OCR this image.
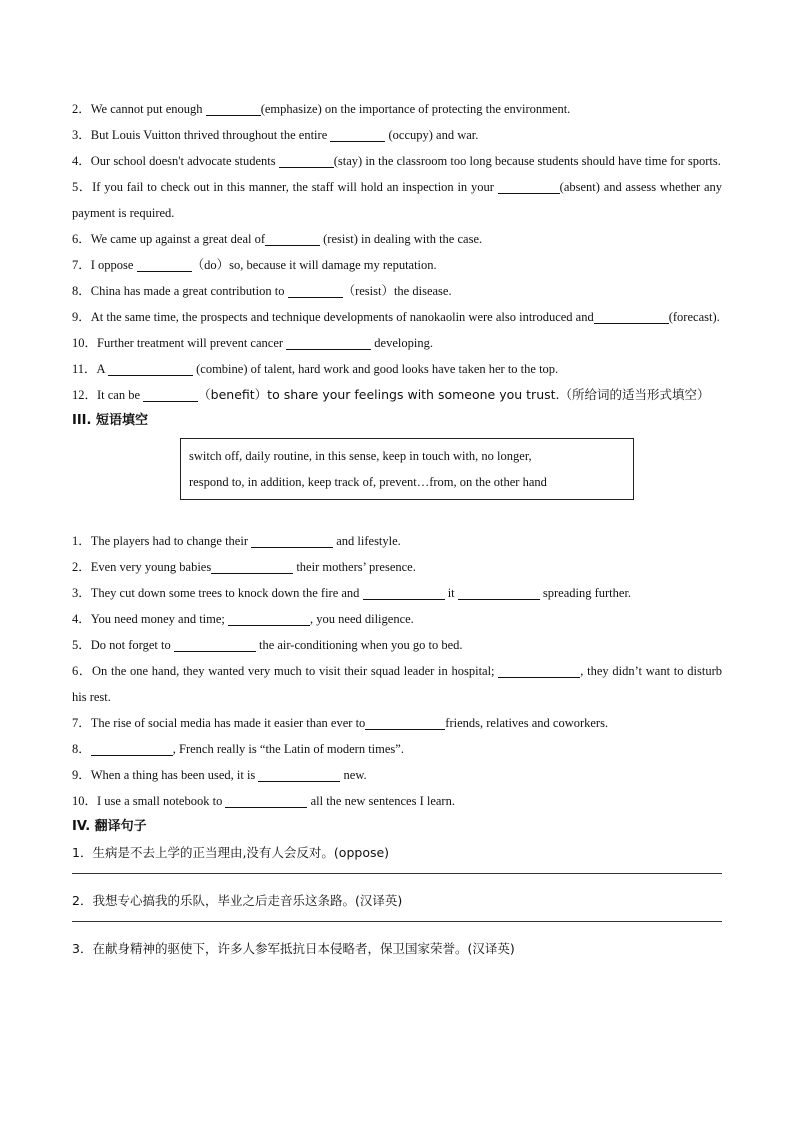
2．We cannot put enough	(emphasize) on the importance of protecting the environment.
3．But Louis Vuitton thrived throughout the entire	(occupy) and war.
4．Our school doesn't advocate students	(stay) in the classroom too long because students should have time for sports.
5．If you fail to check out in this manner, the staff will hold an inspection in your	(absent) and assess whether any payment is required.
6．We came up against a great deal of	(resist) in dealing with the case.
7．I oppose	（do）so, because it will damage my reputation.
8．China has made a great contribution to	（resist）the disease.
9．At the same time, the prospects and technique developments of nanokaolin were also introduced and	(forecast).
10．Further treatment will prevent cancer	developing.
11．A	(combine) of talent, hard work and good looks have taken her to the top.
12．It can be	（benefit）to share your feelings with someone you trust.（所给词的适当形式填空）
III. 短语填空
switch off, daily routine, in this sense, keep in touch with, no longer,
respond to, in addition, keep track of, prevent…from, on the other hand
1．The players had to change their	and lifestyle.
2．Even very young babies	their mothers’ presence.
3．They cut down some trees to knock down the fire and	it	spreading further.
4．You need money and time;	, you need diligence.
5．Do not forget to	the air-conditioning when you go to bed.
6．On the one hand, they wanted very much to visit their squad leader in hospital;	, they didn’t want to disturb his rest.
7．The rise of social media has made it easier than ever to	friends, relatives and coworkers.
8．	, French really is “the Latin of modern times”.
9．When a thing has been used, it is	new.
10．I use a small notebook to	all the new sentences I learn.
IV. 翻译句子
1．生病是不去上学的正当理由,没有人会反对。(oppose)
2．我想专心搞我的乐队，毕业之后走音乐这条路。(汉译英)
3．在献身精神的驱使下，许多人参军抵抗日本侵略者，保卫国家荣誉。(汉译英)
